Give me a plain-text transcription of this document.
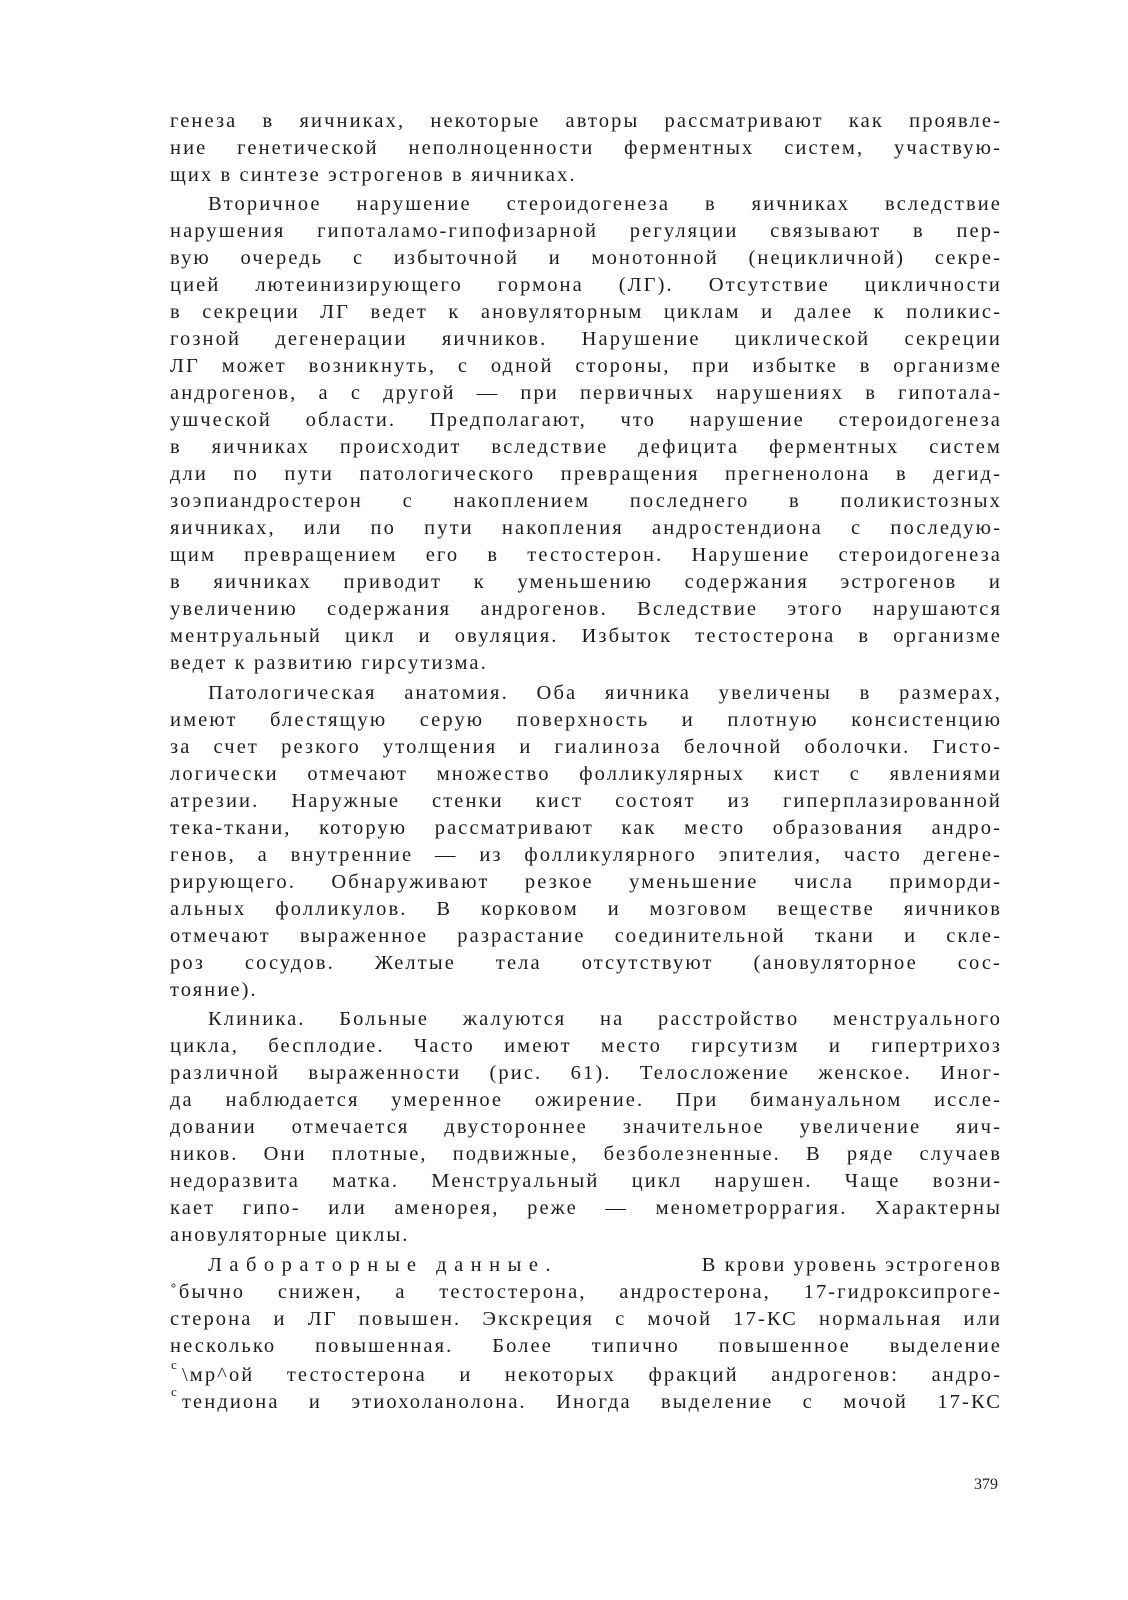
генеза в яичниках, некоторые авторы рассматривают как проявле-

ние генетической неполноценности ферментных систем, участвую-

щих в синтезе эстрогенов в яичниках.

Вторичное нарушение стероидогенеза в яичниках вследствие

нарушения гипоталамо-гипофизарной регуляции связывают в пер-

вую очередь с избыточной и монотонной (нецикличной) секре-

цией лютеинизирующего гормона (ЛГ). Отсутствие цикличности

в секреции ЛГ ведет к ановуляторным циклам и далее к поликис-

гозной дегенерации яичников. Нарушение циклической секреции

ЛГ может возникнуть, с одной стороны, при избытке в организме

андрогенов, а с другой — при первичных нарушениях в гипотала-

ушческой области. Предполагают, что нарушение стероидогенеза

в яичниках происходит вследствие дефицита ферментных систем

дли по пути патологического превращения прегненолона в дегид-

зоэпиандростерон с накоплением последнего в поликистозных

яичниках, или по пути накопления андростендиона с последую-

щим превращением его в тестостерон. Нарушение стероидогенеза

в яичниках приводит к уменьшению содержания эстрогенов и

увеличению содержания андрогенов. Вследствие этого нарушаются

ментруальный цикл и овуляция. Избыток тестостерона в организме

ведет к развитию гирсутизма.

Патологическая анатомия. Оба яичника увеличены в размерах,

имеют блестящую серую поверхность и плотную консистенцию

за счет резкого утолщения и гиалиноза белочной оболочки. Гисто-

логически отмечают множество фолликулярных кист с явлениями

атрезии. Наружные стенки кист состоят из гиперплазированной

тека-ткани, которую рассматривают как место образования андро-

генов, а внутренние — из фолликулярного эпителия, часто дегене-

рирующего. Обнаруживают резкое уменьшение числа приморди-

альных фолликулов. В корковом и мозговом веществе яичников

отмечают выраженное разрастание соединительной ткани и скле-

роз сосудов. Желтые тела отсутствуют (ановуляторное сос-

тояние).

Клиника. Больные жалуются на расстройство менструального

цикла, бесплодие. Часто имеют место гирсутизм и гипертрихоз

различной выраженности (рис. 61). Телосложение женское. Иног-

да наблюдается умеренное ожирение. При бимануальном иссле-

довании отмечается двустороннее значительное увеличение яич-

ников. Они плотные, подвижные, безболезненные. В ряде случаев

недоразвита матка. Менструальный цикл нарушен. Чаще возни-

кает гипо- или аменорея, реже — менометроррагия. Характерны

ановуляторные циклы.

Лабораторные данные.	В крови уровень эстрогенов

˚бычно снижен, а тестостерона, андростерона, 17-гидроксипроге-

стерона и ЛГ повышен. Экскреция с мочой 17-КС нормальная или

несколько повышенная. Более типично повышенное выделение

\мр^ой тестостерона и некоторых фракций андрогенов: андро-

тендиона и этиохоланолона. Иногда выделение с мочой 17-КС

c
c
379
